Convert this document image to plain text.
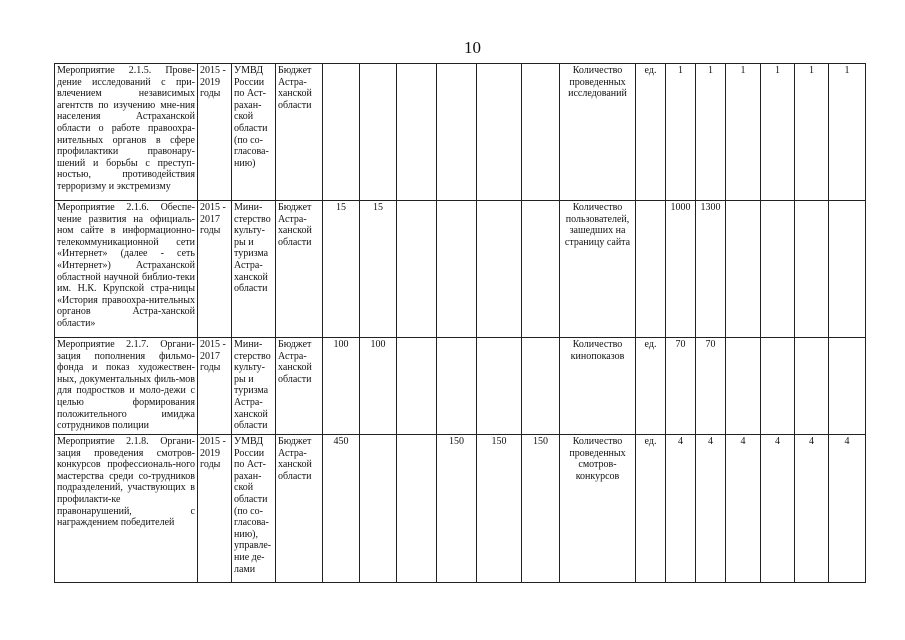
10
Мероприятие 2.1.5. Прове-дение исследований с при-влечением независимых агентств по изучению мне-ния населения Астраханской области о работе правоохра-нительных органов в сфере профилактики правонару-шений и борьбы с преступ-ностью, противодействия терроризму и экстремизму	2015 - 2019 годы	УМВД России по Аст-рахан-ской области (по со-гласова-нию)	Бюджет Астра-ханской области							Количество проведенных исследований	ед.	1	1	1	1	1	1
Мероприятие 2.1.6. Обеспе-чение развития на официаль-ном сайте в информационно-телекоммуникационной сети «Интернет» (далее - сеть «Интернет») Астраханской областной научной библио-теки им. Н.К. Крупской стра-ницы «История правоохра-нительных органов Астра-ханской области»	2015 - 2017 годы	Мини-стерство культу-ры и туризма Астра-ханской области	Бюджет Астра-ханской области	15	15					Количество пользователей, зашедших на страницу сайта		1000	1300				
Мероприятие 2.1.7. Органи-зация пополнения фильмо-фонда и показ художествен-ных, документальных филь-мов для подростков и моло-дежи с целью формирования положительного имиджа сотрудников полиции	2015 - 2017 годы	Мини-стерство культу-ры и туризма Астра-ханской области	Бюджет Астра-ханской области	100	100					Количество кинопоказов	ед.	70	70				
Мероприятие 2.1.8. Органи-зация проведения смотров-конкурсов профессиональ-ного мастерства среди со-трудников подразделений, участвующих в профилакти-ке правонарушений, с награждением победителей	2015 - 2019 годы	УМВД России по Аст-рахан-ской области (по со-гласова-нию), управле-ние де-лами	Бюджет Астра-ханской области	450			150	150	150	Количество проведенных смотров-конкурсов	ед.	4	4	4	4	4	4
